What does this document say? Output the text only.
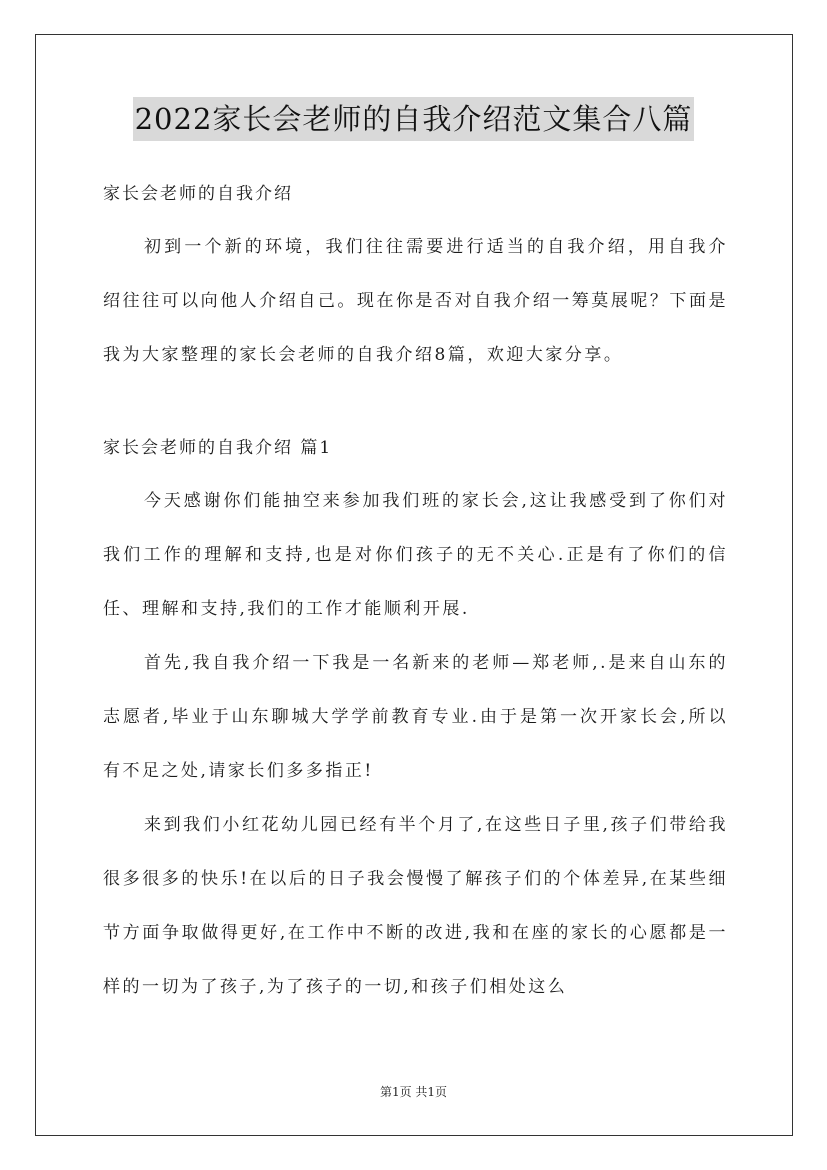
2022家长会老师的自我介绍范文集合八篇
家长会老师的自我介绍

初到一个新的环境，我们往往需要进行适当的自我介绍，用自我介绍往往可以向他人介绍自己。现在你是否对自我介绍一筹莫展呢？下面是我为大家整理的家长会老师的自我介绍8篇，欢迎大家分享。

家长会老师的自我介绍 篇1

今天感谢你们能抽空来参加我们班的家长会,这让我感受到了你们对我们工作的理解和支持,也是对你们孩子的无不关心.正是有了你们的信任、理解和支持,我们的工作才能顺利开展.

首先,我自我介绍一下我是一名新来的老师—郑老师,.是来自山东的志愿者,毕业于山东聊城大学学前教育专业.由于是第一次开家长会,所以有不足之处,请家长们多多指正!

来到我们小红花幼儿园已经有半个月了,在这些日子里,孩子们带给我很多很多的快乐!在以后的日子我会慢慢了解孩子们的个体差异,在某些细节方面争取做得更好,在工作中不断的改进,我和在座的家长的心愿都是一样的一切为了孩子,为了孩子的一切,和孩子们相处这么

第1页 共1页
